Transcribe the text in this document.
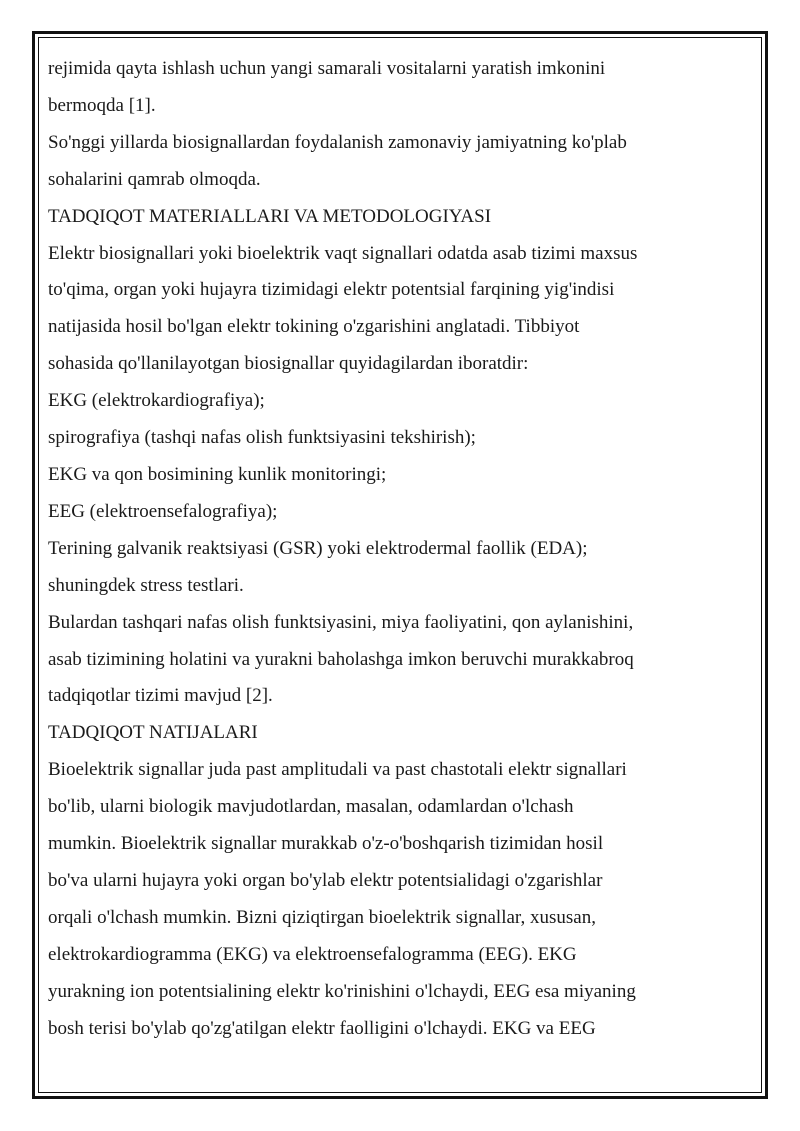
rejimida qayta ishlash uchun yangi samarali vositalarni yaratish imkonini
bermoqda [1].
So'nggi yillarda biosignallardan foydalanish zamonaviy jamiyatning ko'plab
sohalarini qamrab olmoqda.
TADQIQOT MATERIALLARI VA METODOLOGIYASI
Elektr biosignallari yoki bioelektrik vaqt signallari odatda asab tizimi maxsus
to'qima, organ yoki hujayra tizimidagi elektr potentsial farqining yig'indisi
natijasida hosil bo'lgan elektr tokining o'zgarishini anglatadi. Tibbiyot
sohasida qo'llanilayotgan biosignallar quyidagilardan iboratdir:
EKG (elektrokardiografiya);
spirografiya (tashqi nafas olish funktsiyasini tekshirish);
EKG va qon bosimining kunlik monitoringi;
EEG (elektroensefalografiya);
Terining galvanik reaktsiyasi (GSR) yoki elektrodermal faollik (EDA);
shuningdek stress testlari.
Bulardan tashqari nafas olish funktsiyasini, miya faoliyatini, qon aylanishini,
asab tizimining holatini va yurakni baholashga imkon beruvchi murakkabroq
tadqiqotlar tizimi mavjud [2].
TADQIQOT NATIJALARI
Bioelektrik signallar juda past amplitudali va past chastotali elektr signallari
bo'lib, ularni biologik mavjudotlardan, masalan, odamlardan o'lchash
mumkin. Bioelektrik signallar murakkab o'z-o'boshqarish tizimidan hosil
bo'va ularni hujayra yoki organ bo'ylab elektr potentsialidagi o'zgarishlar
orqali o'lchash mumkin. Bizni qiziqtirgan bioelektrik signallar, xususan,
elektrokardiogramma (EKG) va elektroensefalogramma (EEG). EKG
yurakning ion potentsialining elektr ko'rinishini o'lchaydi, EEG esa miyaning
bosh terisi bo'ylab qo'zg'atilgan elektr faolligini o'lchaydi. EKG va EEG
